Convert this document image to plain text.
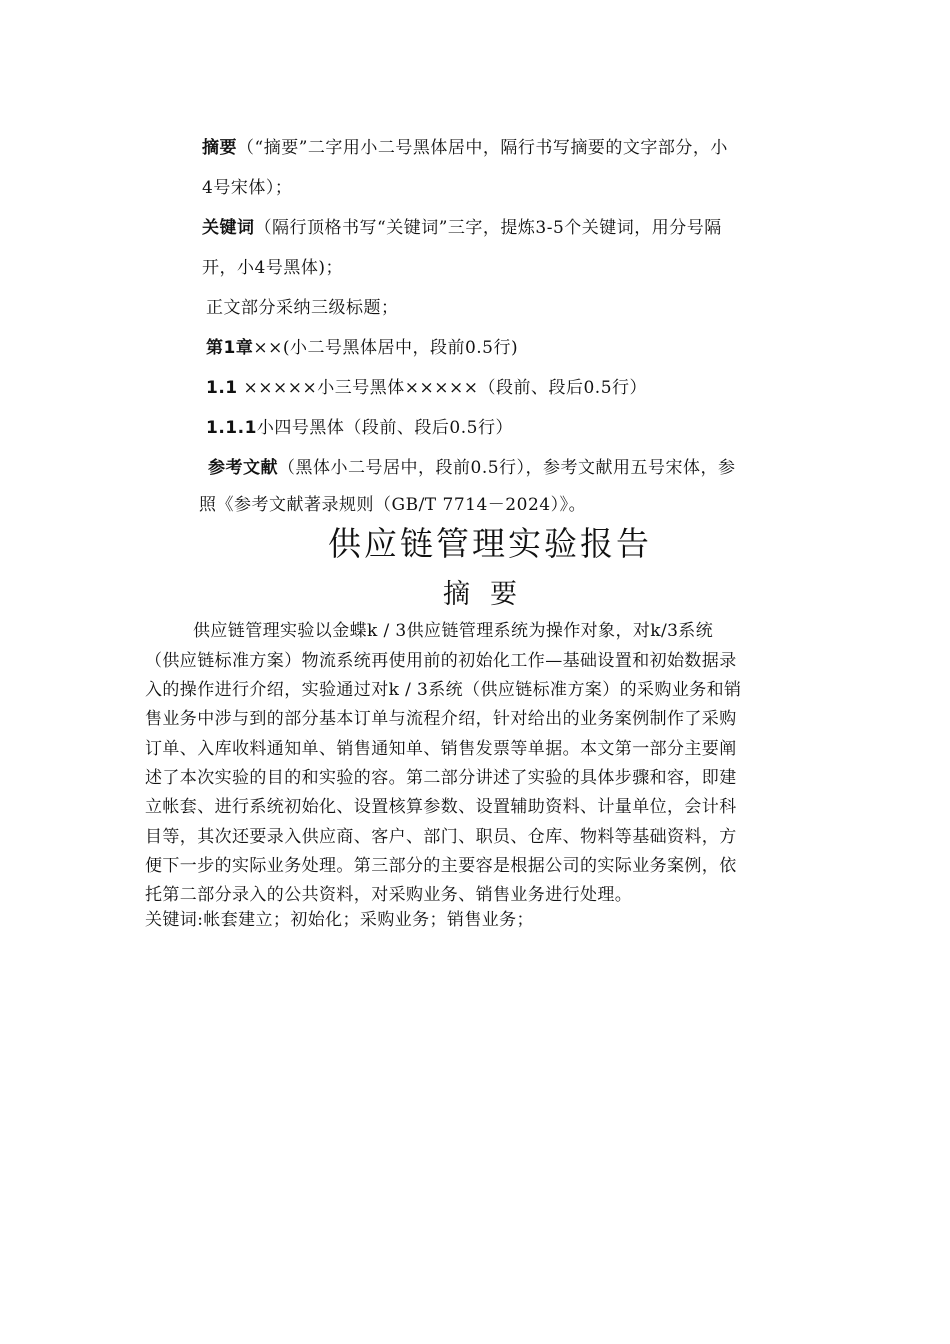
摘要（“摘要”二字用小二号黑体居中，隔行书写摘要的文字部分，小
4号宋体）；
关键词（隔行顶格书写“关键词”三字，提炼3-5个关键词，用分号隔
开，小4号黑体)；
正文部分采纳三级标题；
第1章××(小二号黑体居中，段前0.5行)
1.1 ×××××小三号黑体×××××（段前、段后0.5行）
1.1.1小四号黑体（段前、段后0.5行）
参考文献（黑体小二号居中，段前0.5行），参考文献用五号宋体，参
照《参考文献著录规则（GB/T 7714－2024）》。
供应链管理实验报告
摘要
供应链管理实验以金蝶k / 3供应链管理系统为操作对象，对k/3系统
（供应链标准方案）物流系统再使用前的初始化工作—基础设置和初始数据录
入的操作进行介绍，实验通过对k / 3系统（供应链标准方案）的采购业务和销
售业务中涉与到的部分基本订单与流程介绍，针对给出的业务案例制作了采购
订单、入库收料通知单、销售通知单、销售发票等单据。本文第一部分主要阐
述了本次实验的目的和实验的容。第二部分讲述了实验的具体步骤和容，即建
立帐套、进行系统初始化、设置核算参数、设置辅助资料、计量单位，会计科
目等，其次还要录入供应商、客户、部门、职员、仓库、物料等基础资料，方
便下一步的实际业务处理。第三部分的主要容是根据公司的实际业务案例，依
托第二部分录入的公共资料，对采购业务、销售业务进行处理。
关键词:帐套建立；初始化；采购业务；销售业务；
